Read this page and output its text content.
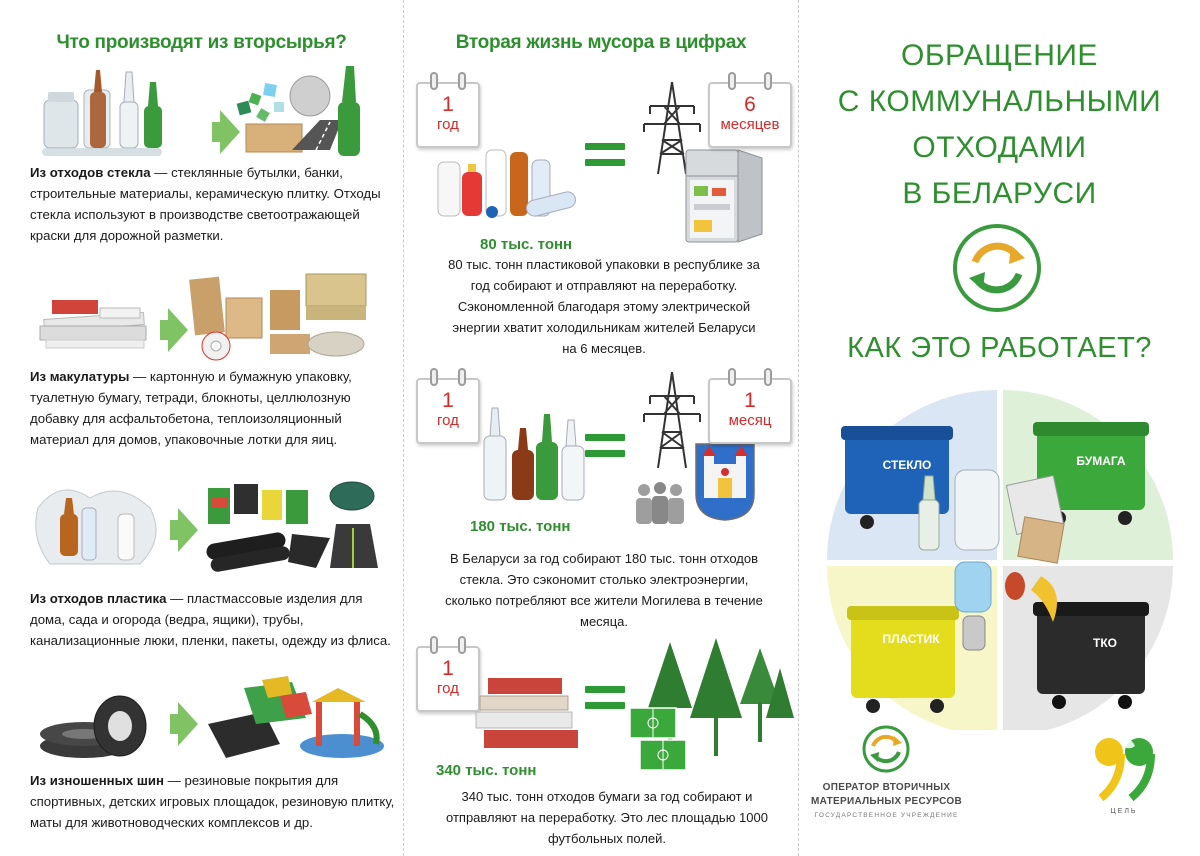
Что производят из вторсырья?
Из отходов стекла — стеклянные бутылки, банки, строительные материалы, керамическую плитку. Отходы стекла используют в производстве светоотражающей краски для дорожной разметки.
Из макулатуры — картонную и бумажную упаковку, туалетную бумагу, тетради, блокноты, целлюлозную добавку для асфальтобетона, теплоизоляционный материал для домов, упаковочные лотки для яиц.
Из отходов пластика — пластмассовые изделия для дома, сада и огорода (ведра, ящики), трубы, канализационные люки, пленки, пакеты, одежду из флиса.
Из изношенных шин — резиновые покрытия для спортивных, детских игровых площадок, резиновую плитку, маты для животноводческих комплексов и др.
Вторая жизнь мусора в цифрах
1
год
6
месяцев
80 тыс. тонн
80 тыс. тонн пластиковой упаковки в республике за год собирают и отправляют на переработку. Сэкономленной благодаря этому электрической энергии хватит холодильникам жителей Беларуси на 6 месяцев.
1
год
1
месяц
180 тыс. тонн
В Беларуси за год собирают 180 тыс. тонн отходов стекла. Это сэкономит столько электроэнергии, сколько потребляют все жители Могилева в течение месяца.
1
год
340 тыс. тонн
340 тыс. тонн отходов бумаги за год собирают и отправляют на переработку. Это лес площадью 1000 футбольных полей.
ОБРАЩЕНИЕ
С КОММУНАЛЬНЫМИ
ОТХОДАМИ
В БЕЛАРУСИ
КАК ЭТО РАБОТАЕТ?
СТЕКЛО	БУМАГА
ПЛАСТИК	ТКО
ОПЕРАТОР ВТОРИЧНЫХ
МАТЕРИАЛЬНЫХ РЕСУРСОВ
ГОСУДАРСТВЕННОЕ УЧРЕЖДЕНИЕ
ЦЕЛЬ
